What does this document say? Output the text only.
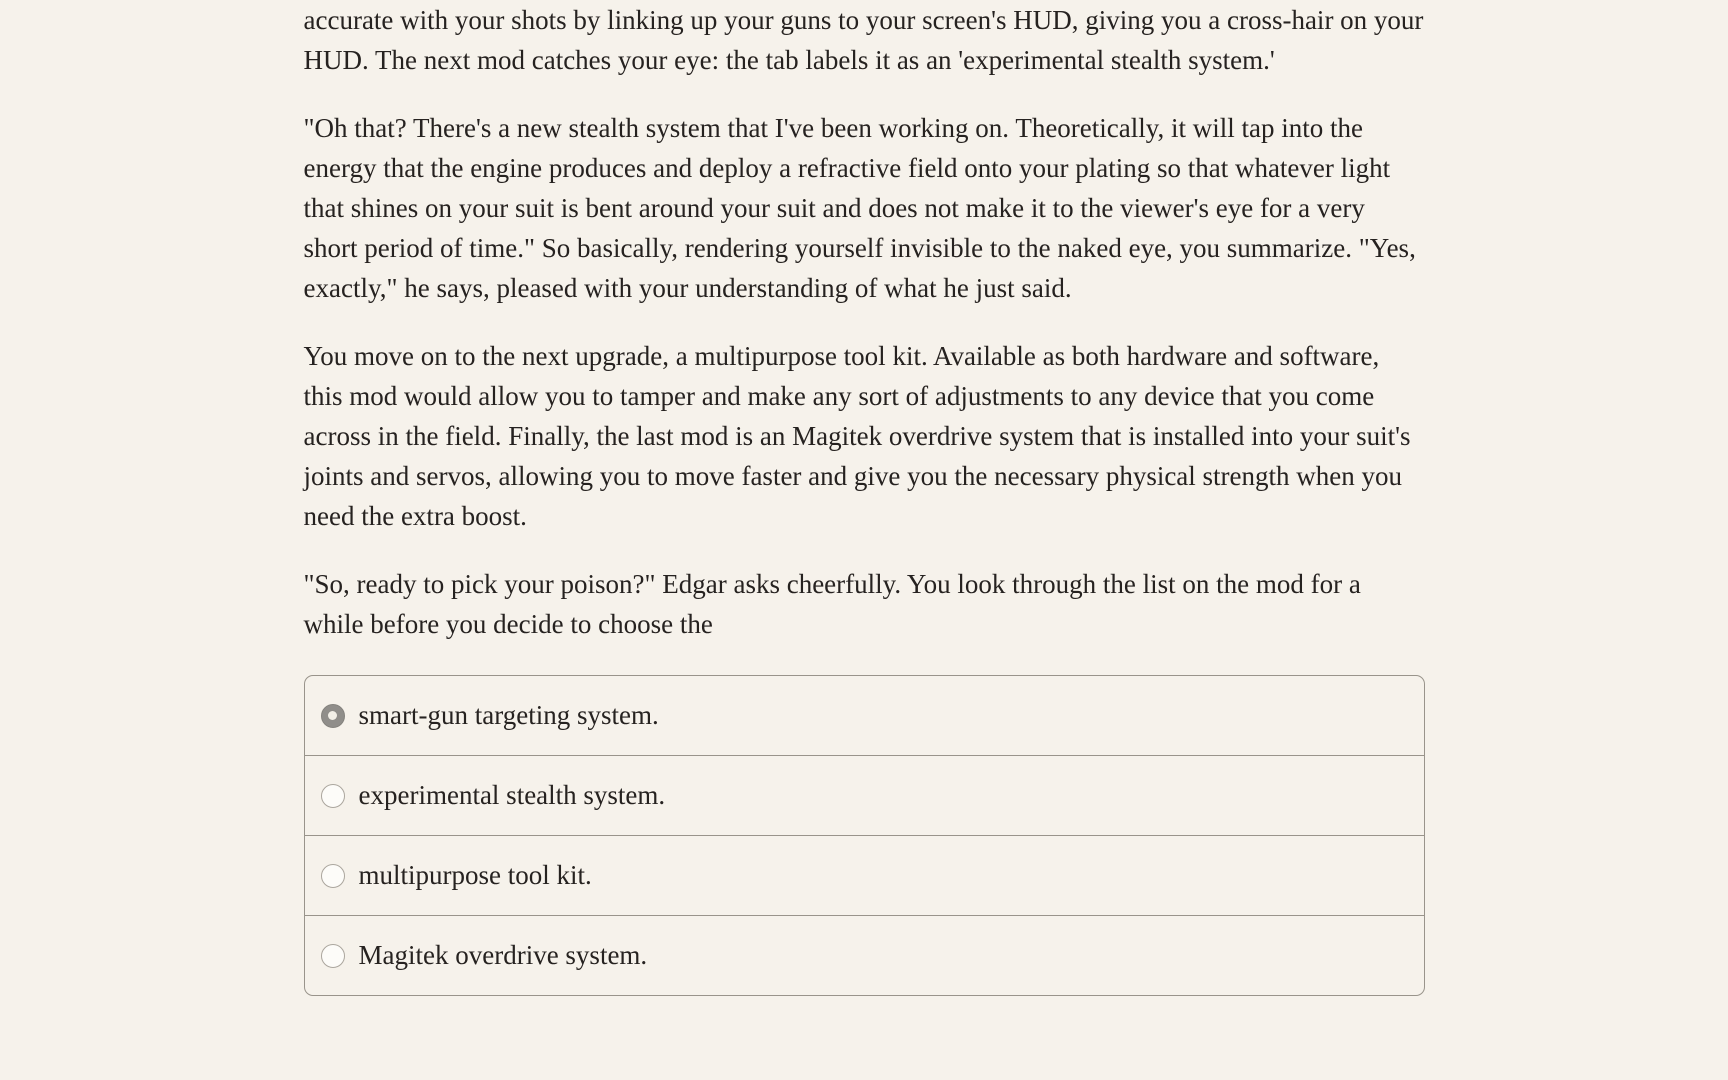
accurate with your shots by linking up your guns to your screen's HUD, giving you a cross-hair on your HUD. The next mod catches your eye: the tab labels it as an 'experimental stealth system.'

"Oh that? There's a new stealth system that I've been working on. Theoretically, it will tap into the energy that the engine produces and deploy a refractive field onto your plating so that whatever light that shines on your suit is bent around your suit and does not make it to the viewer's eye for a very short period of time." So basically, rendering yourself invisible to the naked eye, you summarize. "Yes, exactly," he says, pleased with your understanding of what he just said.

You move on to the next upgrade, a multipurpose tool kit. Available as both hardware and software, this mod would allow you to tamper and make any sort of adjustments to any device that you come across in the field. Finally, the last mod is an Magitek overdrive system that is installed into your suit's joints and servos, allowing you to move faster and give you the necessary physical strength when you need the extra boost.

"So, ready to pick your poison?" Edgar asks cheerfully. You look through the list on the mod for a while before you decide to choose the

smart-gun targeting system.
experimental stealth system.
multipurpose tool kit.
Magitek overdrive system.
